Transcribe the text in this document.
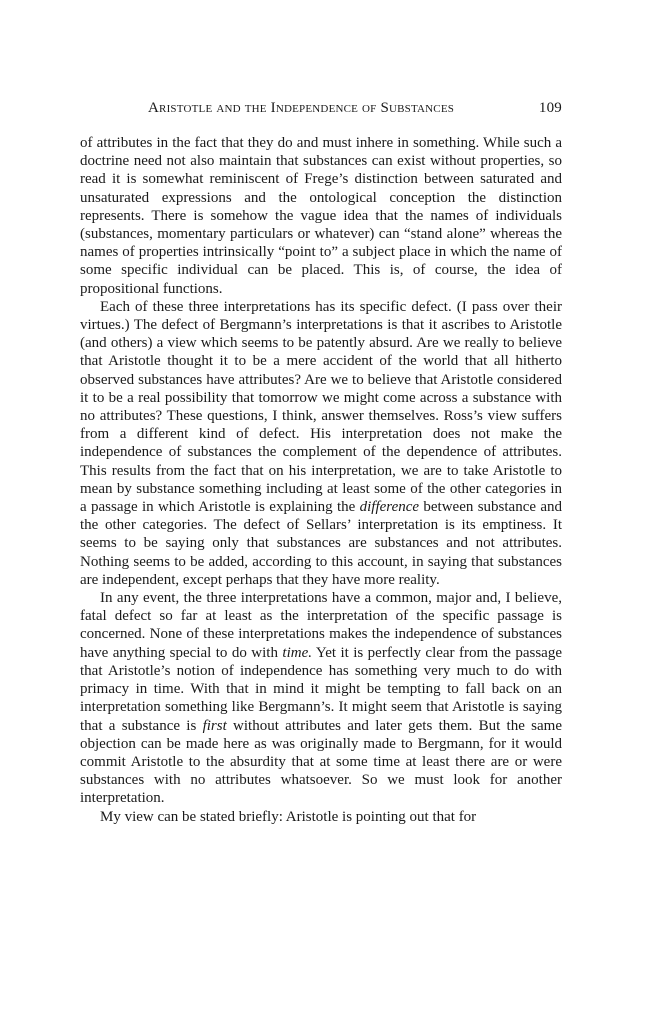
Aristotle and the Independence of Substances	109

of attributes in the fact that they do and must inhere in something. While such a doctrine need not also maintain that substances can exist without properties, so read it is somewhat reminiscent of Frege’s distinction between saturated and unsaturated expressions and the ontological conception the distinction represents. There is somehow the vague idea that the names of individuals (substances, momentary particulars or whatever) can “stand alone” whereas the names of properties intrinsically “point to” a subject place in which the name of some specific individual can be placed. This is, of course, the idea of propositional functions.

Each of these three interpretations has its specific defect. (I pass over their virtues.) The defect of Bergmann’s interpretations is that it ascribes to Aristotle (and others) a view which seems to be patently absurd. Are we really to believe that Aristotle thought it to be a mere accident of the world that all hitherto observed substances have attributes? Are we to believe that Aristotle considered it to be a real possibility that tomorrow we might come across a substance with no attributes? These questions, I think, answer themselves. Ross’s view suffers from a different kind of defect. His interpretation does not make the independence of substances the complement of the dependence of attributes. This results from the fact that on his interpretation, we are to take Aristotle to mean by substance something including at least some of the other categories in a passage in which Aristotle is explaining the difference between substance and the other categories. The defect of Sellars’ interpretation is its emptiness. It seems to be saying only that substances are substances and not attributes. Nothing seems to be added, according to this account, in saying that substances are independent, except perhaps that they have more reality.

In any event, the three interpretations have a common, major and, I believe, fatal defect so far at least as the interpretation of the specific passage is concerned. None of these interpretations makes the independence of substances have anything special to do with time. Yet it is perfectly clear from the passage that Aristotle’s notion of independence has something very much to do with primacy in time. With that in mind it might be tempting to fall back on an interpretation something like Bergmann’s. It might seem that Aristotle is saying that a substance is first without attributes and later gets them. But the same objection can be made here as was originally made to Bergmann, for it would commit Aristotle to the absurdity that at some time at least there are or were substances with no attributes whatsoever. So we must look for another interpretation.

My view can be stated briefly: Aristotle is pointing out that for
